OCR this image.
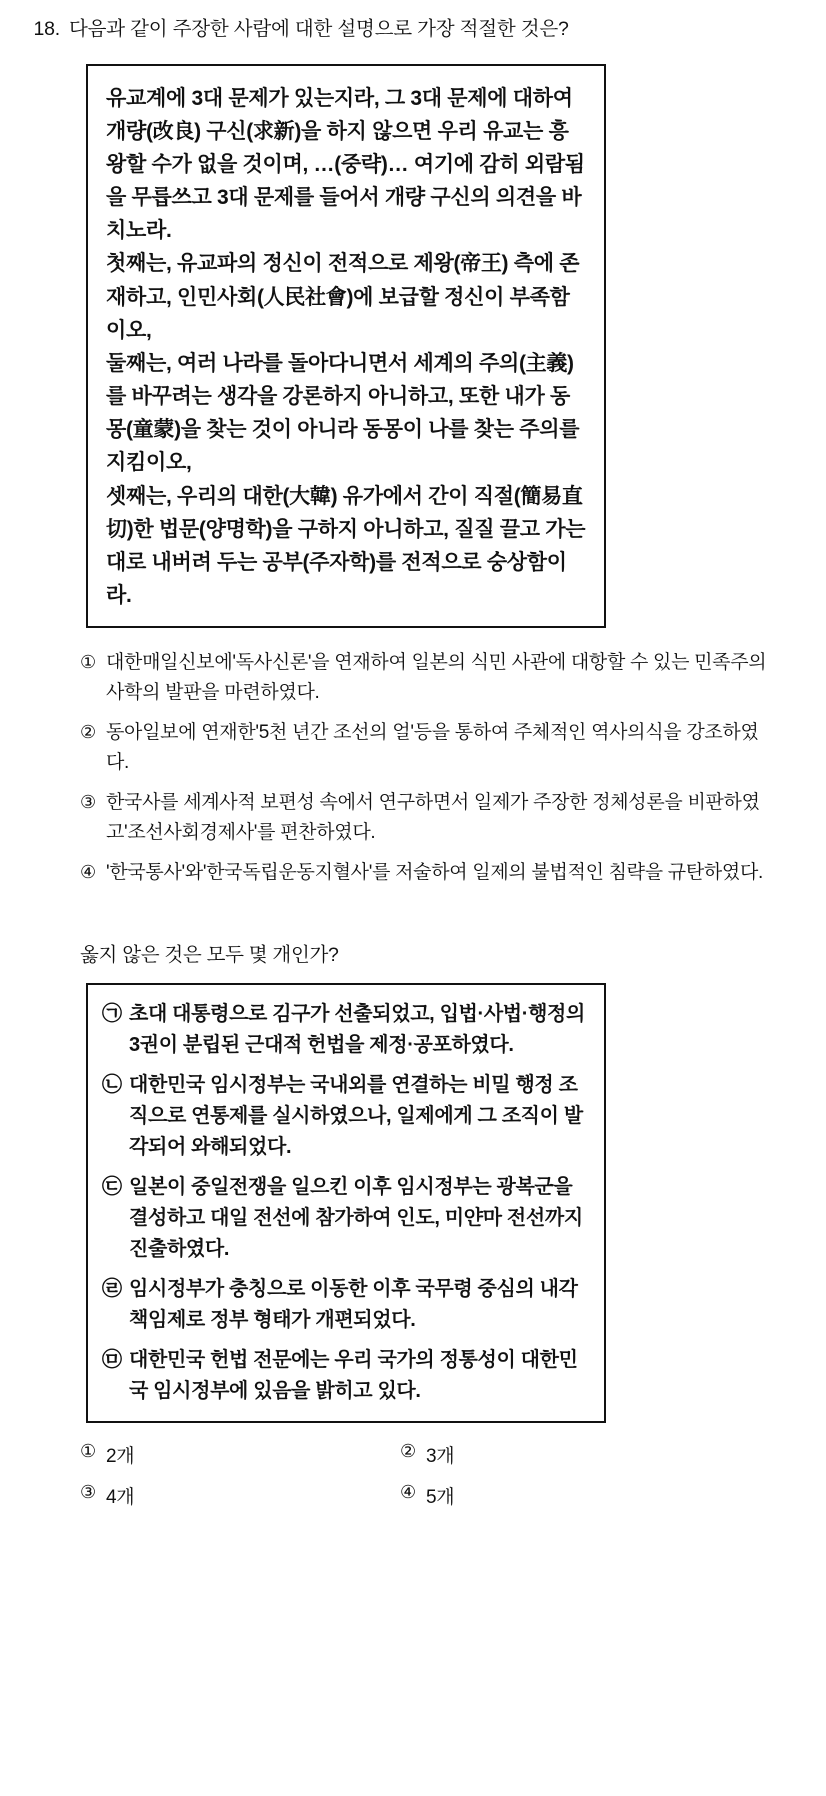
18. 다음과 같이 주장한 사람에 대한 설명으로 가장 적절한 것은?

유교계에 3대 문제가 있는지라, 그 3대 문제에 대하여 개량(改良) 구신(求新)을 하지 않으면 우리 유교는 흥왕할 수가 없을 것이며, …(중략)… 여기에 감히 외람됨을 무릅쓰고 3대 문제를 들어서 개량 구신의 의견을 바치노라.

첫째는, 유교파의 정신이 전적으로 제왕(帝王) 측에 존재하고, 인민사회(人民社會)에 보급할 정신이 부족함이오,

둘째는, 여러 나라를 돌아다니면서 세계의 주의(主義)를 바꾸려는 생각을 강론하지 아니하고, 또한 내가 동몽(童蒙)을 찾는 것이 아니라 동몽이 나를 찾는 주의를 지킴이오,

셋째는, 우리의 대한(大韓) 유가에서 간이 직절(簡易直切)한 법문(양명학)을 구하지 아니하고, 질질 끌고 가는 대로 내버려 두는 공부(주자학)를 전적으로 숭상함이라.

① 대한매일신보에'독사신론'을 연재하여 일본의 식민 사관에 대항할 수 있는 민족주의 사학의 발판을 마련하였다.
② 동아일보에 연재한'5천 년간 조선의 얼'등을 통하여 주체적인 역사의식을 강조하였다.
③ 한국사를 세계사적 보편성 속에서 연구하면서 일제가 주장한 정체성론을 비판하였고'조선사회경제사'를 편찬하였다.
④ '한국통사'와'한국독립운동지혈사'를 저술하여 일제의 불법적인 침략을 규탄하였다.
옳지 않은 것은 모두 몇 개인가?
㉠ 초대 대통령으로 김구가 선출되었고, 입법·사법·행정의 3권이 분립된 근대적 헌법을 제정·공포하였다.
㉡ 대한민국 임시정부는 국내외를 연결하는 비밀 행정 조직으로 연통제를 실시하였으나, 일제에게 그 조직이 발각되어 와해되었다.
㉢ 일본이 중일전쟁을 일으킨 이후 임시정부는 광복군을 결성하고 대일 전선에 참가하여 인도, 미얀마 전선까지 진출하였다.
㉣ 임시정부가 충칭으로 이동한 이후 국무령 중심의 내각책임제로 정부 형태가 개편되었다.
㉤ 대한민국 헌법 전문에는 우리 국가의 정통성이 대한민국 임시정부에 있음을 밝히고 있다.
① 2개	② 3개
③ 4개	④ 5개
